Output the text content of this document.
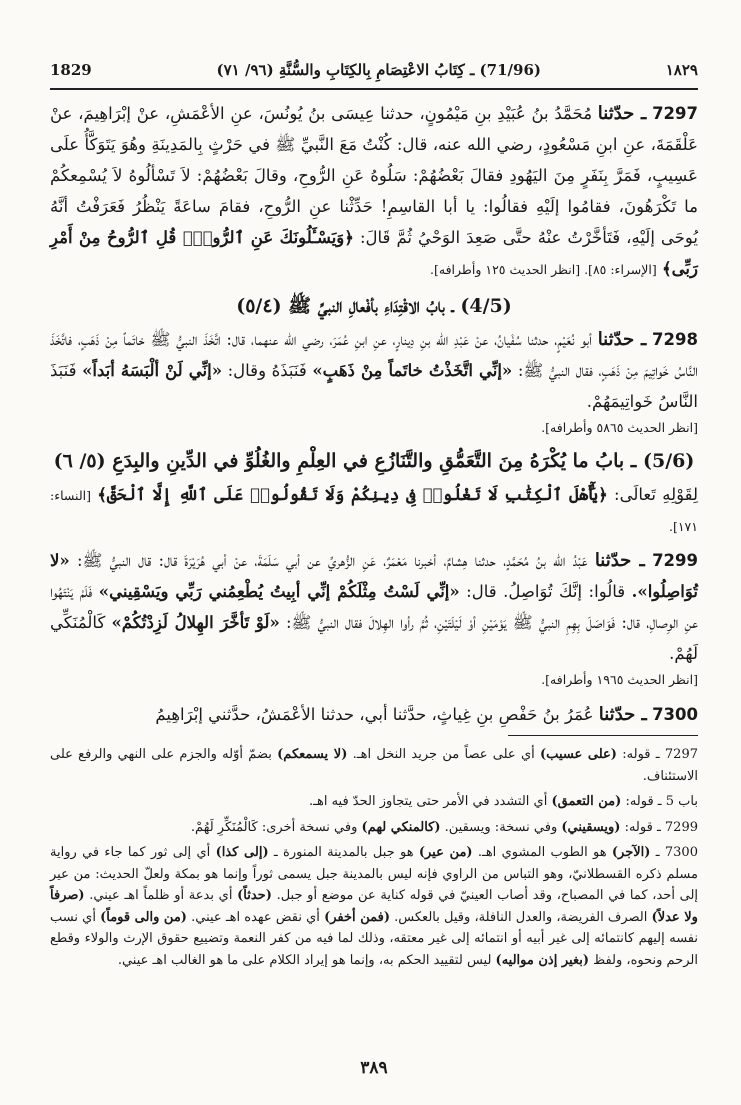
1829	(71/96) ـ كِتَابُ الاعْتِصَامِ بِالكِتَابِ والسُّنَّةِ (٩٦/ ٧١)	١٨٢٩

7297 ـ حدّثنا مُحَمَّدُ بنُ عُبَيْدِ بنِ مَيْمُونٍ، حدثنا عِيسَى بنُ يُونُسَ، عنِ الأعْمَشِ، عنْ إبْرَاهِيمَ، عنْ عَلْقَمَةَ، عنِ ابنِ مَسْعُودٍ، رضي الله عنه، قال: كُنْتُ مَعَ النَّبيِّ ﷺ في حَرْثٍ بِالمَدِينَةِ وهُوَ يَتَوَكَّأُ علَى عَسِيبٍ، فَمَرَّ بِنَفَرٍ مِنَ اليَهُودِ فقالَ بَعْضُهُمْ: سَلُوهُ عَنِ الرُّوحِ، وقالَ بَعْضُهُمْ: لاَ تَسْألُوهُ لاَ يُسْمِعكُمْ ما تَكْرَهُونَ، فقامُوا إلَيْهِ فقالُوا: يا أبا القاسِمِ! حَدِّثْنا عنِ الرُّوحِ، فقامَ ساعَةً يَنْظُرُ فَعَرَفْتُ أنَّهُ يُوحَى إلَيْهِ، فَتَأخَّرْتُ عنْهُ حتَّى صَعِدَ الوَحْيُ ثُمَّ قَالَ: ﴿وَيَسْـَٔلُونَكَ عَنِ ٱلرُّوحِۖ قُلِ ٱلرُّوحُ مِنْ أَمْرِ رَبِّى﴾ [الإسراء: ٨٥]. [انظر الحديث ١٢٥ وأطرافه].

(4/5) ـ بابُ الاقْتِدَاءِ بأفْعالِ النبيِّ ﷺ (٥/٤)

7298 ـ حدّثنا أبو نُعَيْمٍ، حدثنا سُفْيانُ، عنْ عَبْدِ الله بنِ دِينارٍ، عنِ ابنِ عُمَرَ، رضي الله عنهما، قال: اتَّخَذَ النبيُّ ﷺ خاتَماً مِنْ ذَهَبٍ، فاتَّخَذَ النَّاسُ خَواتِيمَ مِنْ ذَهَبٍ، فقال النبيُّ ﷺ: «إنِّي اتَّخَذْتُ خاتَماً مِنْ ذَهَبٍ» فَنَبَذَهُ وقال: «إنِّي لَنْ ألْبَسَهُ أبَداً» فَنَبَذَ النَّاسُ خَواتِيمَهُمْ.

[انظر الحديث ٥٨٦٥ وأطرافه].

(5/6) ـ بابُ ما يُكْرَهُ مِنَ التَّعَمُّقِ والتَّنَازُعِ في العِلْمِ والغُلُوِّ في الدِّينِ والبِدَعِ (٥/ ٦)

لِقَوْلِهِ تَعالَى: ﴿يَٰٓأَهْلَ ٱلْكِتَٰبِ لَا تَغْلُوا۟ فِى دِينِكُمْ وَلَا تَقُولُوا۟ عَلَى ٱللَّهِ إِلَّا ٱلْحَقَّ﴾ [النساء: ١٧١].

7299 ـ حدّثنا عَبْدُ الله بنُ مُحَمَّدٍ، حدثنا هِشامٌ، أخبرنا مَعْمَرٌ، عَنِ الزُّهريِّ عن أبي سَلَمَةَ، عنْ أبي هُرَيْرَةَ قال: قال النبيُّ ﷺ: «لا تُوَاصِلُوا». قالُوا: إنَّكَ تُوَاصِلُ. قال: «إنِّي لَسْتُ مِثْلَكُمْ إنِّي أبِيتُ يُطْعِمُني رَبِّي ويَسْقِيني» فَلَمْ يَنْتَهُوا عنِ الوِصالِ، قال: فَوَاصَلَ بِهِمِ النبيُّ ﷺ يَوْمَيْنِ أوْ لَيْلَتَيْنِ، ثُمَّ رأوا الهِلالَ فقال النبيُّ ﷺ: «لَوْ تَأخَّرَ الهِلالُ لَزِدْتُكُمْ» كَالْمُنَكِّي لَهُمْ.

[انظر الحديث ١٩٦٥ وأطرافه].

7300 ـ حدّثنا عُمَرُ بنُ حَفْصِ بنِ غِياثٍ، حدَّثنا أبي، حدثنا الأعْمَشُ، حدَّثني إبْرَاهِيمُ

7297 ـ قوله: (على عسيب) أي على عصاً من جريد النخل اهـ. (لا يسمعكم) بضمّ أوّله والجزم على النهي والرفع على الاستئناف.

باب 5 ـ قوله: (من التعمق) أي التشدد في الأمر حتى يتجاوز الحدّ فيه اهـ.

7299 ـ قوله: (ويسقيني) وفي نسخة: ويسقين. (كالمنكي لهم) وفي نسخة أخرى: كَالْمُنَكِّرِ لَهُمْ.

7300 ـ (الآجر) هو الطوب المشوي اهـ. (من عير) هو جبل بالمدينة المنورة ـ (إلى كذا) أي إلى ثور كما جاء في رواية مسلم ذكره القسطلانيّ، وهو التباس من الراوي فإنه ليس بالمدينة جبل يسمى ثوراً وإنما هو بمكة ولعلّ الحديث: من عير إلى أحد، كما في المصباح، وقد أصاب العينيّ في قوله كناية عن موضع أو جبل. (حدثاً) أي بدعة أو ظلماً اهـ عيني. (صرفاً ولا عدلاً) الصرف الفريضة، والعدل النافلة، وقيل بالعكس. (فمن أخفر) أي نقض عهده اهـ عيني. (من والى قوماً) أي نسب نفسه إليهم كانتمائه إلى غير أبيه أو انتمائه إلى غير معتقه، وذلك لما فيه من كفر النعمة وتضييع حقوق الإرث والولاء وقطع الرحم ونحوه، ولفظ (بغير إذن مواليه) ليس لتقييد الحكم به، وإنما هو إيراد الكلام على ما هو الغالب اهـ عيني.

٣٨٩
